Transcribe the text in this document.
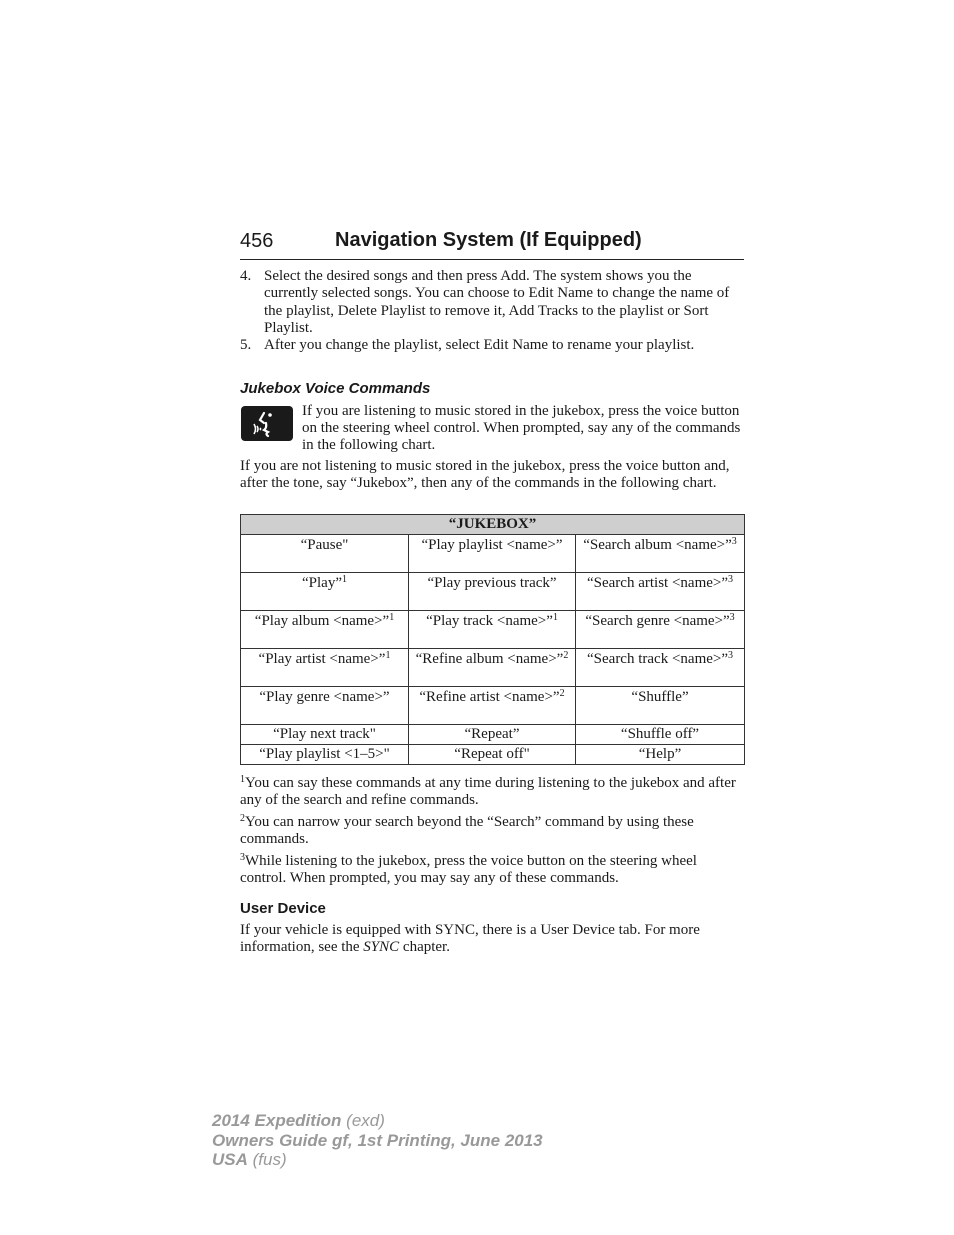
456	Navigation System (If Equipped)
4. Select the desired songs and then press Add. The system shows you the currently selected songs. You can choose to Edit Name to change the name of the playlist, Delete Playlist to remove it, Add Tracks to the playlist or Sort Playlist.
5. After you change the playlist, select Edit Name to rename your playlist.
Jukebox Voice Commands
If you are listening to music stored in the jukebox, press the voice button on the steering wheel control. When prompted, say any of the commands in the following chart.
If you are not listening to music stored in the jukebox, press the voice button and, after the tone, say “Jukebox”, then any of the commands in the following chart.
“JUKEBOX”		
“Pause"	“Play playlist <name>”	“Search album <name>”$^3$
“Play”$^1$	“Play previous track”	“Search artist <name>”$^3$
“Play album <name>”$^1$	“Play track <name>”$^1$	“Search genre <name>”$^3$
“Play artist <name>”$^1$	“Refine album <name>”$^2$	“Search track <name>”$^3$
“Play genre <name>”	“Refine artist <name>”$^2$	“Shuffle”
“Play next track"	“Repeat”	“Shuffle off”
“Play playlist <1–5>"	“Repeat off"	“Help”
$^1$You can say these commands at any time during listening to the jukebox and after any of the search and refine commands.
$^2$You can narrow your search beyond the “Search” command by using these commands.
$^3$While listening to the jukebox, press the voice button on the steering wheel control. When prompted, you may say any of these commands.
User Device
If your vehicle is equipped with SYNC, there is a User Device tab. For more information, see the SYNC chapter.
2014 Expedition (exd)
Owners Guide gf, 1st Printing, June 2013
USA (fus)
